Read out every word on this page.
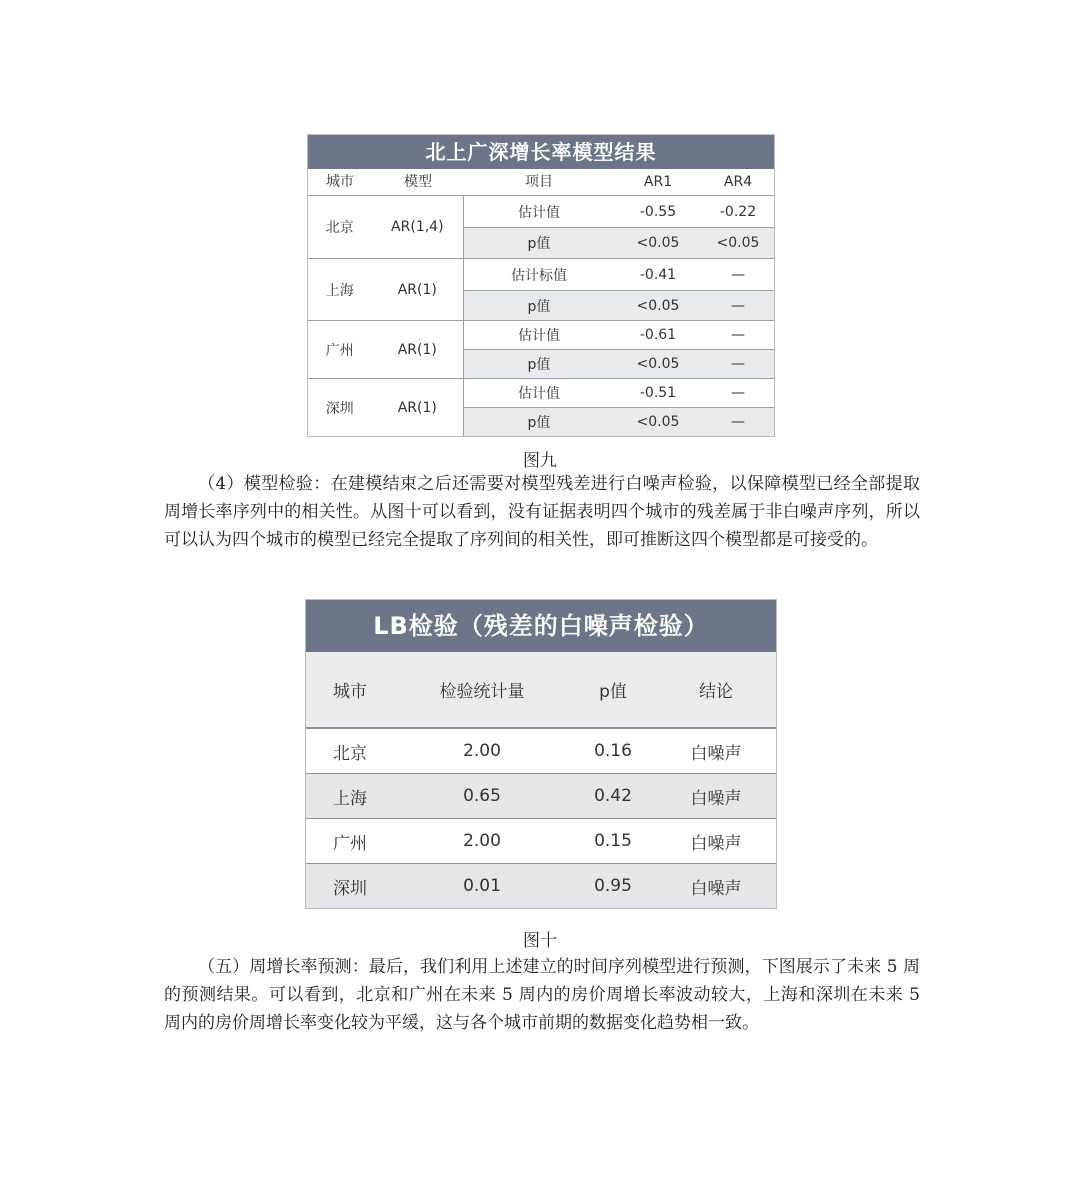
北上广深增长率模型结果
城市	模型	项目	AR1	AR4
北京	AR(1,4)
估计值	-0.55	-0.22
p值	<0.05	<0.05
上海	AR(1)
估计标值	-0.41	—
p值	<0.05	—
广州	AR(1)
估计值	-0.61	—
p值	<0.05	—
深圳	AR(1)
估计值	-0.51	—
p值	<0.05	—
图九
（4）模型检验：在建模结束之后还需要对模型残差进行白噪声检验，以保障模型已经全部提取周增长率序列中的相关性。从图十可以看到，没有证据表明四个城市的残差属于非白噪声序列，所以可以认为四个城市的模型已经完全提取了序列间的相关性，即可推断这四个模型都是可接受的。
LB检验（残差的白噪声检验）
城市	检验统计量	p值	结论
北京	2.00	0.16	白噪声
上海	0.65	0.42	白噪声
广州	2.00	0.15	白噪声
深圳	0.01	0.95	白噪声
图十
（五）周增长率预测：最后，我们利用上述建立的时间序列模型进行预测，下图展示了未来 5 周的预测结果。可以看到，北京和广州在未来 5 周内的房价周增长率波动较大，上海和深圳在未来 5 周内的房价周增长率变化较为平缓，这与各个城市前期的数据变化趋势相一致。
